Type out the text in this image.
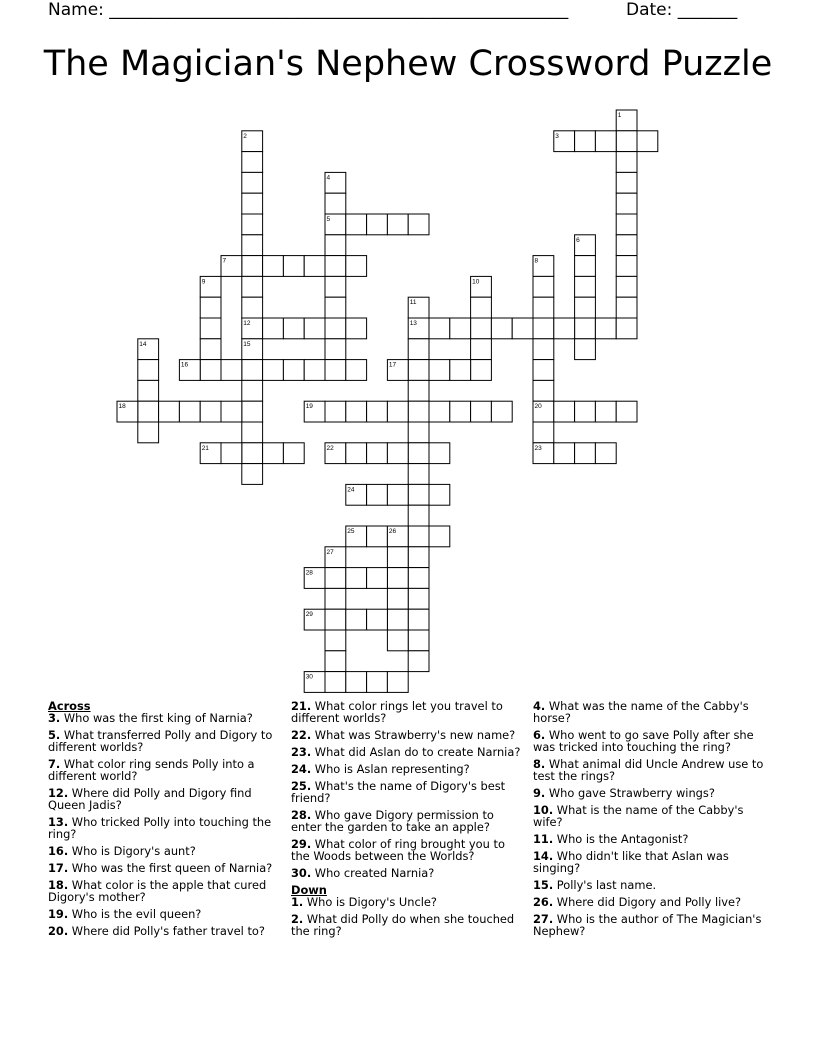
Name: ______________________________________________________	Date: _______
The Magician's Nephew Crossword Puzzle
1
2	3
4
5
6
7	8
9	10
11
12	13
14	15
16	17
18	19	20
21	22	23
24
25	26
27
28
29
30
Across
3. Who was the first king of Narnia?
5. What transferred Polly and Digory to different worlds?
7. What color ring sends Polly into a different world?
12. Where did Polly and Digory find Queen Jadis?
13. Who tricked Polly into touching the ring?
16. Who is Digory's aunt?
17. Who was the first queen of Narnia?
18. What color is the apple that cured Digory's mother?
19. Who is the evil queen?
20. Where did Polly's father travel to?
21. What color rings let you travel to different worlds?
22. What was Strawberry's new name?
23. What did Aslan do to create Narnia?
24. Who is Aslan representing?
25. What's the name of Digory's best friend?
28. Who gave Digory permission to enter the garden to take an apple?
29. What color of ring brought you to the Woods between the Worlds?
30. Who created Narnia?
Down
1. Who is Digory's Uncle?
2. What did Polly do when she touched the ring?
4. What was the name of the Cabby's horse?
6. Who went to go save Polly after she was tricked into touching the ring?
8. What animal did Uncle Andrew use to test the rings?
9. Who gave Strawberry wings?
10. What is the name of the Cabby's wife?
11. Who is the Antagonist?
14. Who didn't like that Aslan was singing?
15. Polly's last name.
26. Where did Digory and Polly live?
27. Who is the author of The Magician's Nephew?
